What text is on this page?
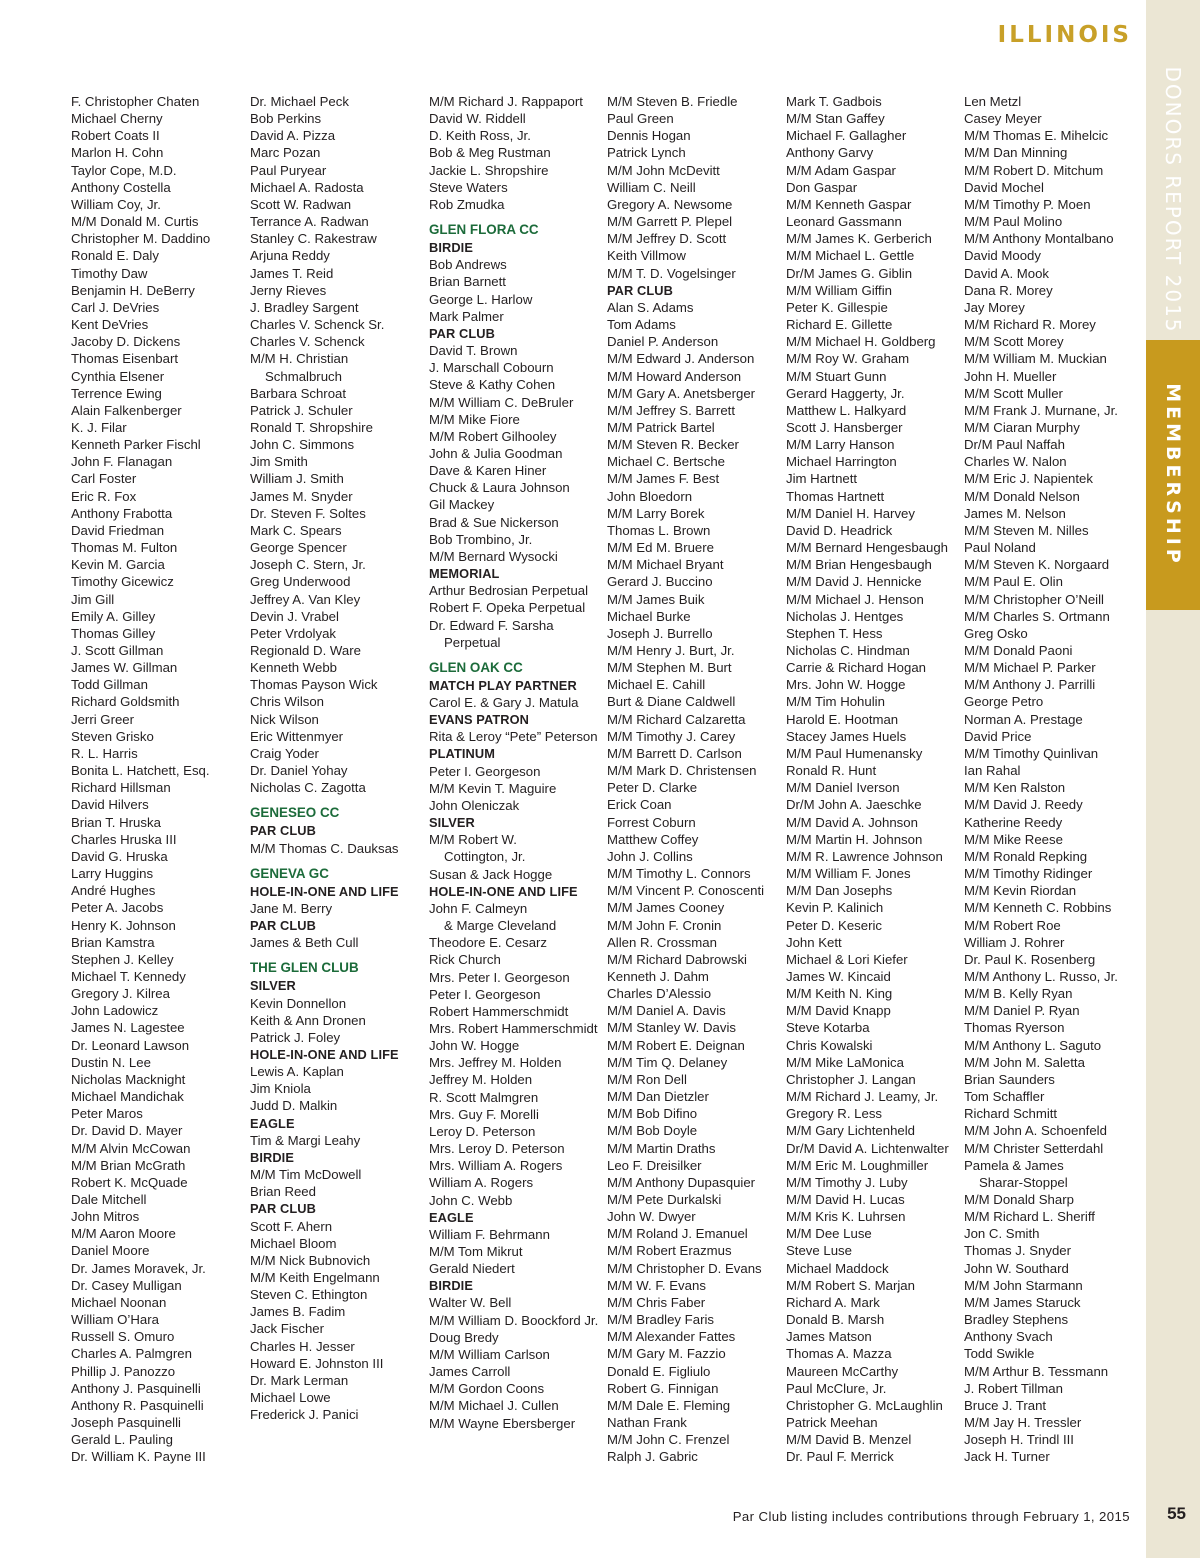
ILLINOIS
DONORS REPORT 2015
MEMBERSHIP
F. Christopher Chaten
Michael Cherny
Robert Coats II
Marlon H. Cohn
Taylor Cope, M.D.
Anthony Costella
William Coy, Jr.
M/M Donald M. Curtis
Christopher M. Daddino
Ronald E. Daly
Timothy Daw
Benjamin H. DeBerry
Carl J. DeVries
Kent DeVries
Jacoby D. Dickens
Thomas Eisenbart
Cynthia Elsener
Terrence Ewing
Alain Falkenberger
K. J. Filar
Kenneth Parker Fischl
John F. Flanagan
Carl Foster
Eric R. Fox
Anthony Frabotta
David Friedman
Thomas M. Fulton
Kevin M. Garcia
Timothy Gicewicz
Jim Gill
Emily A. Gilley
Thomas Gilley
J. Scott Gillman
James W. Gillman
Todd Gillman
Richard Goldsmith
Jerri Greer
Steven Grisko
R. L. Harris
Bonita L. Hatchett, Esq.
Richard Hillsman
David Hilvers
Brian T. Hruska
Charles Hruska III
David G. Hruska
Larry Huggins
André Hughes
Peter A. Jacobs
Henry K. Johnson
Brian Kamstra
Stephen J. Kelley
Michael T. Kennedy
Gregory J. Kilrea
John Ladowicz
James N. Lagestee
Dr. Leonard Lawson
Dustin N. Lee
Nicholas Macknight
Michael Mandichak
Peter Maros
Dr. David D. Mayer
M/M Alvin McCowan
M/M Brian McGrath
Robert K. McQuade
Dale Mitchell
John Mitros
M/M Aaron Moore
Daniel Moore
Dr. James Moravek, Jr.
Dr. Casey Mulligan
Michael Noonan
William O’Hara
Russell S. Omuro
Charles A. Palmgren
Phillip J. Panozzo
Anthony J. Pasquinelli
Anthony R. Pasquinelli
Joseph Pasquinelli
Gerald L. Pauling
Dr. William K. Payne III
Dr. Michael Peck
Bob Perkins
David A. Pizza
Marc Pozan
Paul Puryear
Michael A. Radosta
Scott W. Radwan
Terrance A. Radwan
Stanley C. Rakestraw
Arjuna Reddy
James T. Reid
Jerny Rieves
J. Bradley Sargent
Charles V. Schenck Sr.
Charles V. Schenck
M/M H. Christian
Schmalbruch
Barbara Schroat
Patrick J. Schuler
Ronald T. Shropshire
John C. Simmons
Jim Smith
William J. Smith
James M. Snyder
Dr. Steven F. Soltes
Mark C. Spears
George Spencer
Joseph C. Stern, Jr.
Greg Underwood
Jeffrey A. Van Kley
Devin J. Vrabel
Peter Vrdolyak
Regionald D. Ware
Kenneth Webb
Thomas Payson Wick
Chris Wilson
Nick Wilson
Eric Wittenmyer
Craig Yoder
Dr. Daniel Yohay
Nicholas C. Zagotta
GENESEO CC
PAR CLUB
M/M Thomas C. Dauksas
GENEVA GC
HOLE-IN-ONE AND LIFE
Jane M. Berry
PAR CLUB
James & Beth Cull
THE GLEN CLUB
SILVER
Kevin Donnellon
Keith & Ann Dronen
Patrick J. Foley
HOLE-IN-ONE AND LIFE
Lewis A. Kaplan
Jim Kniola
Judd D. Malkin
EAGLE
Tim & Margi Leahy
BIRDIE
M/M Tim McDowell
Brian Reed
PAR CLUB
Scott F. Ahern
Michael Bloom
M/M Nick Bubnovich
M/M Keith Engelmann
Steven C. Ethington
James B. Fadim
Jack Fischer
Charles H. Jesser
Howard E. Johnston III
Dr. Mark Lerman
Michael Lowe
Frederick J. Panici
M/M Richard J. Rappaport
David W. Riddell
D. Keith Ross, Jr.
Bob & Meg Rustman
Jackie L. Shropshire
Steve Waters
Rob Zmudka
GLEN FLORA CC
BIRDIE
Bob Andrews
Brian Barnett
George L. Harlow
Mark Palmer
PAR CLUB
David T. Brown
J. Marschall Cobourn
Steve & Kathy Cohen
M/M William C. DeBruler
M/M Mike Fiore
M/M Robert Gilhooley
John & Julia Goodman
Dave & Karen Hiner
Chuck & Laura Johnson
Gil Mackey
Brad & Sue Nickerson
Bob Trombino, Jr.
M/M Bernard Wysocki
MEMORIAL
Arthur Bedrosian Perpetual
Robert F. Opeka Perpetual
Dr. Edward F. Sarsha
Perpetual
GLEN OAK CC
MATCH PLAY PARTNER
Carol E. & Gary J. Matula
EVANS PATRON
Rita & Leroy “Pete” Peterson
PLATINUM
Peter I. Georgeson
M/M Kevin T. Maguire
John Oleniczak
SILVER
M/M Robert W.
Cottington, Jr.
Susan & Jack Hogge
HOLE-IN-ONE AND LIFE
John F. Calmeyn
& Marge Cleveland
Theodore E. Cesarz
Rick Church
Mrs. Peter I. Georgeson
Peter I. Georgeson
Robert Hammerschmidt
Mrs. Robert Hammerschmidt
John W. Hogge
Mrs. Jeffrey M. Holden
Jeffrey M. Holden
R. Scott Malmgren
Mrs. Guy F. Morelli
Leroy D. Peterson
Mrs. Leroy D. Peterson
Mrs. William A. Rogers
William A. Rogers
John C. Webb
EAGLE
William F. Behrmann
M/M Tom Mikrut
Gerald Niedert
BIRDIE
Walter W. Bell
M/M William D. Boockford Jr.
Doug Bredy
M/M William Carlson
James Carroll
M/M Gordon Coons
M/M Michael J. Cullen
M/M Wayne Ebersberger
M/M Steven B. Friedle
Paul Green
Dennis Hogan
Patrick Lynch
M/M John McDevitt
William C. Neill
Gregory A. Newsome
M/M Garrett P. Plepel
M/M Jeffrey D. Scott
Keith Villmow
M/M T. D. Vogelsinger
PAR CLUB
Alan S. Adams
Tom Adams
Daniel P. Anderson
M/M Edward J. Anderson
M/M Howard Anderson
M/M Gary A. Anetsberger
M/M Jeffrey S. Barrett
M/M Patrick Bartel
M/M Steven R. Becker
Michael C. Bertsche
M/M James F. Best
John Bloedorn
M/M Larry Borek
Thomas L. Brown
M/M Ed M. Bruere
M/M Michael Bryant
Gerard J. Buccino
M/M James Buik
Michael Burke
Joseph J. Burrello
M/M Henry J. Burt, Jr.
M/M Stephen M. Burt
Michael E. Cahill
Burt & Diane Caldwell
M/M Richard Calzaretta
M/M Timothy J. Carey
M/M Barrett D. Carlson
M/M Mark D. Christensen
Peter D. Clarke
Erick Coan
Forrest Coburn
Matthew Coffey
John J. Collins
M/M Timothy L. Connors
M/M Vincent P. Conoscenti
M/M James Cooney
M/M John F. Cronin
Allen R. Crossman
M/M Richard Dabrowski
Kenneth J. Dahm
Charles D’Alessio
M/M Daniel A. Davis
M/M Stanley W. Davis
M/M Robert E. Deignan
M/M Tim Q. Delaney
M/M Ron Dell
M/M Dan Dietzler
M/M Bob Difino
M/M Bob Doyle
M/M Martin Draths
Leo F. Dreisilker
M/M Anthony Dupasquier
M/M Pete Durkalski
John W. Dwyer
M/M Roland J. Emanuel
M/M Robert Erazmus
M/M Christopher D. Evans
M/M W. F. Evans
M/M Chris Faber
M/M Bradley Faris
M/M Alexander Fattes
M/M Gary M. Fazzio
Donald E. Figliulo
Robert G. Finnigan
M/M Dale E. Fleming
Nathan Frank
M/M John C. Frenzel
Ralph J. Gabric
Mark T. Gadbois
M/M Stan Gaffey
Michael F. Gallagher
Anthony Garvy
M/M Adam Gaspar
Don Gaspar
M/M Kenneth Gaspar
Leonard Gassmann
M/M James K. Gerberich
M/M Michael L. Gettle
Dr/M James G. Giblin
M/M William Giffin
Peter K. Gillespie
Richard E. Gillette
M/M Michael H. Goldberg
M/M Roy W. Graham
M/M Stuart Gunn
Gerard Haggerty, Jr.
Matthew L. Halkyard
Scott J. Hansberger
M/M Larry Hanson
Michael Harrington
Jim Hartnett
Thomas Hartnett
M/M Daniel H. Harvey
David D. Headrick
M/M Bernard Hengesbaugh
M/M Brian Hengesbaugh
M/M David J. Hennicke
M/M Michael J. Henson
Nicholas J. Hentges
Stephen T. Hess
Nicholas C. Hindman
Carrie & Richard Hogan
Mrs. John W. Hogge
M/M Tim Hohulin
Harold E. Hootman
Stacey James Huels
M/M Paul Humenansky
Ronald R. Hunt
M/M Daniel Iverson
Dr/M John A. Jaeschke
M/M David A. Johnson
M/M Martin H. Johnson
M/M R. Lawrence Johnson
M/M William F. Jones
M/M Dan Josephs
Kevin P. Kalinich
Peter D. Keseric
John Kett
Michael & Lori Kiefer
James W. Kincaid
M/M Keith N. King
M/M David Knapp
Steve Kotarba
Chris Kowalski
M/M Mike LaMonica
Christopher J. Langan
M/M Richard J. Leamy, Jr.
Gregory R. Less
M/M Gary Lichtenheld
Dr/M David A. Lichtenwalter
M/M Eric M. Loughmiller
M/M Timothy J. Luby
M/M David H. Lucas
M/M Kris K. Luhrsen
M/M Dee Luse
Steve Luse
Michael Maddock
M/M Robert S. Marjan
Richard A. Mark
Donald B. Marsh
James Matson
Thomas A. Mazza
Maureen McCarthy
Paul McClure, Jr.
Christopher G. McLaughlin
Patrick Meehan
M/M David B. Menzel
Dr. Paul F. Merrick
Len Metzl
Casey Meyer
M/M Thomas E. Mihelcic
M/M Dan Minning
M/M Robert D. Mitchum
David Mochel
M/M Timothy P. Moen
M/M Paul Molino
M/M Anthony Montalbano
David Moody
David A. Mook
Dana R. Morey
Jay Morey
M/M Richard R. Morey
M/M Scott Morey
M/M William M. Muckian
John H. Mueller
M/M Scott Muller
M/M Frank J. Murnane, Jr.
M/M Ciaran Murphy
Dr/M Paul Naffah
Charles W. Nalon
M/M Eric J. Napientek
M/M Donald Nelson
James M. Nelson
M/M Steven M. Nilles
Paul Noland
M/M Steven K. Norgaard
M/M Paul E. Olin
M/M Christopher O’Neill
M/M Charles S. Ortmann
Greg Osko
M/M Donald Paoni
M/M Michael P. Parker
M/M Anthony J. Parrilli
George Petro
Norman A. Prestage
David Price
M/M Timothy Quinlivan
Ian Rahal
M/M Ken Ralston
M/M David J. Reedy
Katherine Reedy
M/M Mike Reese
M/M Ronald Repking
M/M Timothy Ridinger
M/M Kevin Riordan
M/M Kenneth C. Robbins
M/M Robert Roe
William J. Rohrer
Dr. Paul K. Rosenberg
M/M Anthony L. Russo, Jr.
M/M B. Kelly Ryan
M/M Daniel P. Ryan
Thomas Ryerson
M/M Anthony L. Saguto
M/M John M. Saletta
Brian Saunders
Tom Schaffler
Richard Schmitt
M/M John A. Schoenfeld
M/M Christer Setterdahl
Pamela & James
Sharar-Stoppel
M/M Donald Sharp
M/M Richard L. Sheriff
Jon C. Smith
Thomas J. Snyder
John W. Southard
M/M John Starmann
M/M James Staruck
Bradley Stephens
Anthony Svach
Todd Swikle
M/M Arthur B. Tessmann
J. Robert Tillman
Bruce J. Trant
M/M Jay H. Tressler
Joseph H. Trindl III
Jack H. Turner
Par Club listing includes contributions through February 1, 2015 55
